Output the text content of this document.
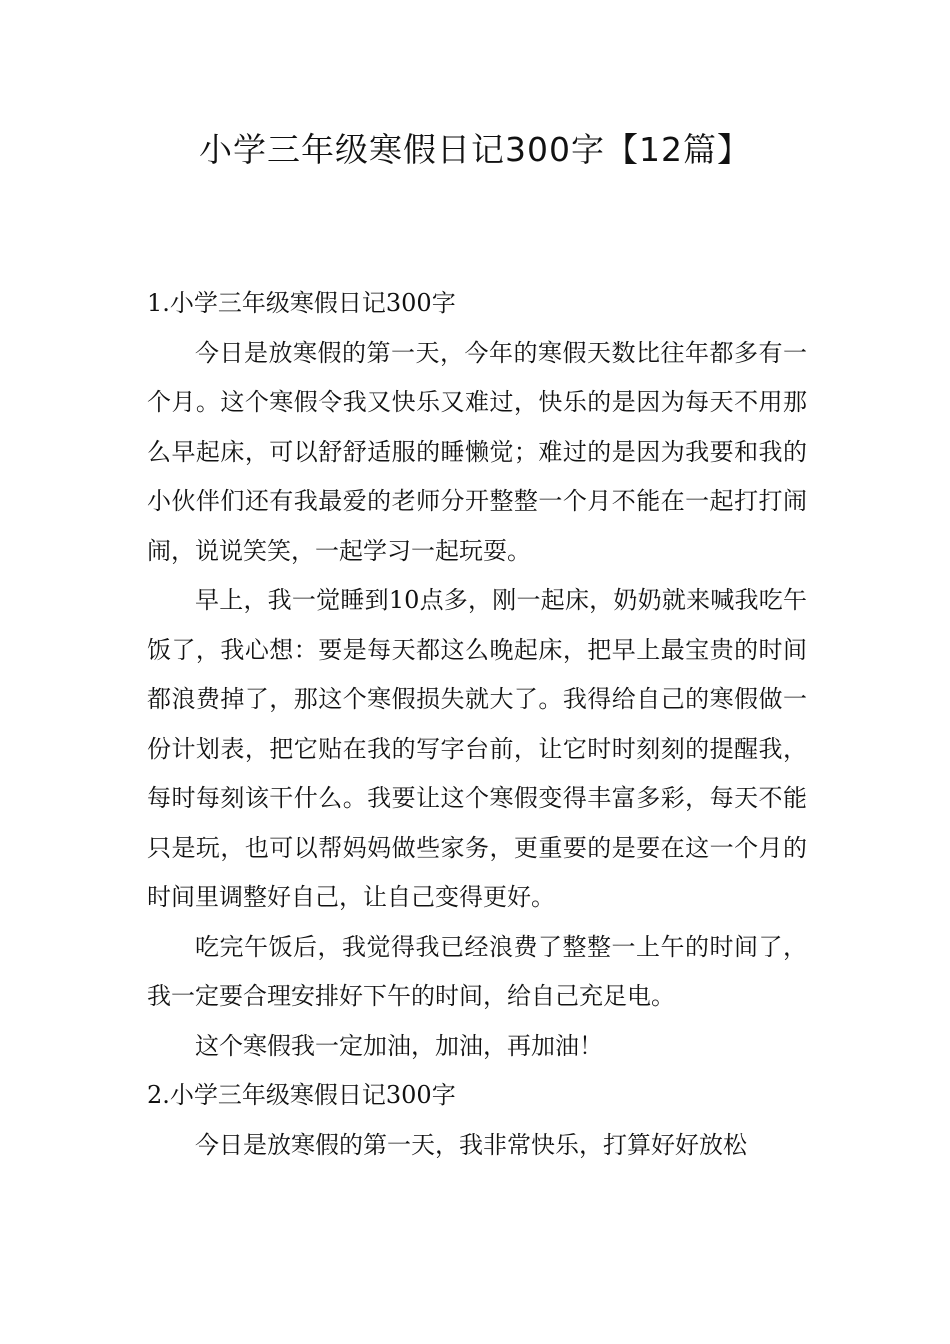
小学三年级寒假日记300字【12篇】

1.小学三年级寒假日记300字

今日是放寒假的第一天，今年的寒假天数比往年都多有一个月。这个寒假令我又快乐又难过，快乐的是因为每天不用那么早起床，可以舒舒适服的睡懒觉；难过的是因为我要和我的小伙伴们还有我最爱的老师分开整整一个月不能在一起打打闹闹，说说笑笑，一起学习一起玩耍。

早上，我一觉睡到10点多，刚一起床，奶奶就来喊我吃午饭了，我心想：要是每天都这么晚起床，把早上最宝贵的时间都浪费掉了，那这个寒假损失就大了。我得给自己的寒假做一份计划表，把它贴在我的写字台前，让它时时刻刻的提醒我，每时每刻该干什么。我要让这个寒假变得丰富多彩，每天不能只是玩，也可以帮妈妈做些家务，更重要的是要在这一个月的时间里调整好自己，让自己变得更好。

吃完午饭后，我觉得我已经浪费了整整一上午的时间了，我一定要合理安排好下午的时间，给自己充足电。

这个寒假我一定加油，加油，再加油！

2.小学三年级寒假日记300字

今日是放寒假的第一天，我非常快乐，打算好好放松
